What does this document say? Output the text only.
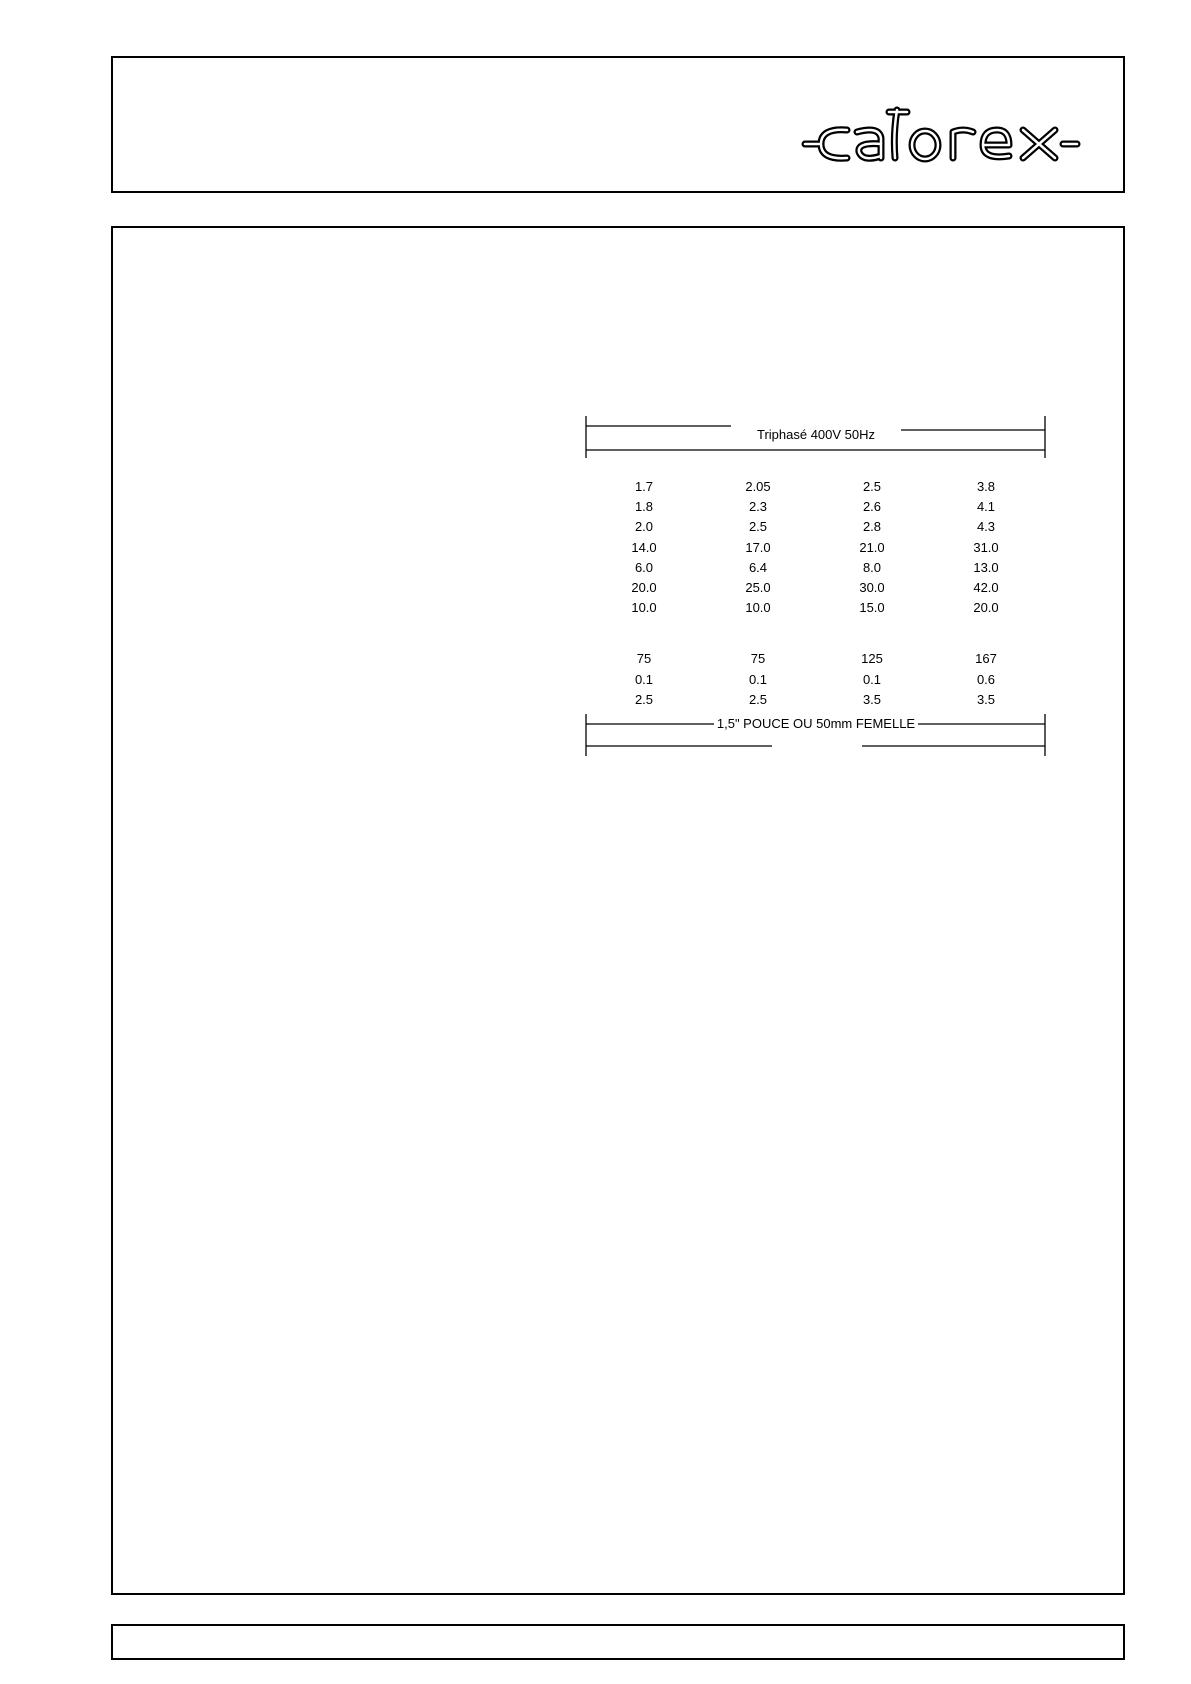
Triphasé 400V 50Hz
1.7	2.05	2.5	3.8
1.8	2.3	2.6	4.1
2.0	2.5	2.8	4.3
14.0	17.0	21.0	31.0
6.0	6.4	8.0	13.0
20.0	25.0	30.0	42.0
10.0	10.0	15.0	20.0
75	75	125	167
0.1	0.1	0.1	0.6
2.5	2.5	3.5	3.5
1,5" POUCE OU 50mm FEMELLE
